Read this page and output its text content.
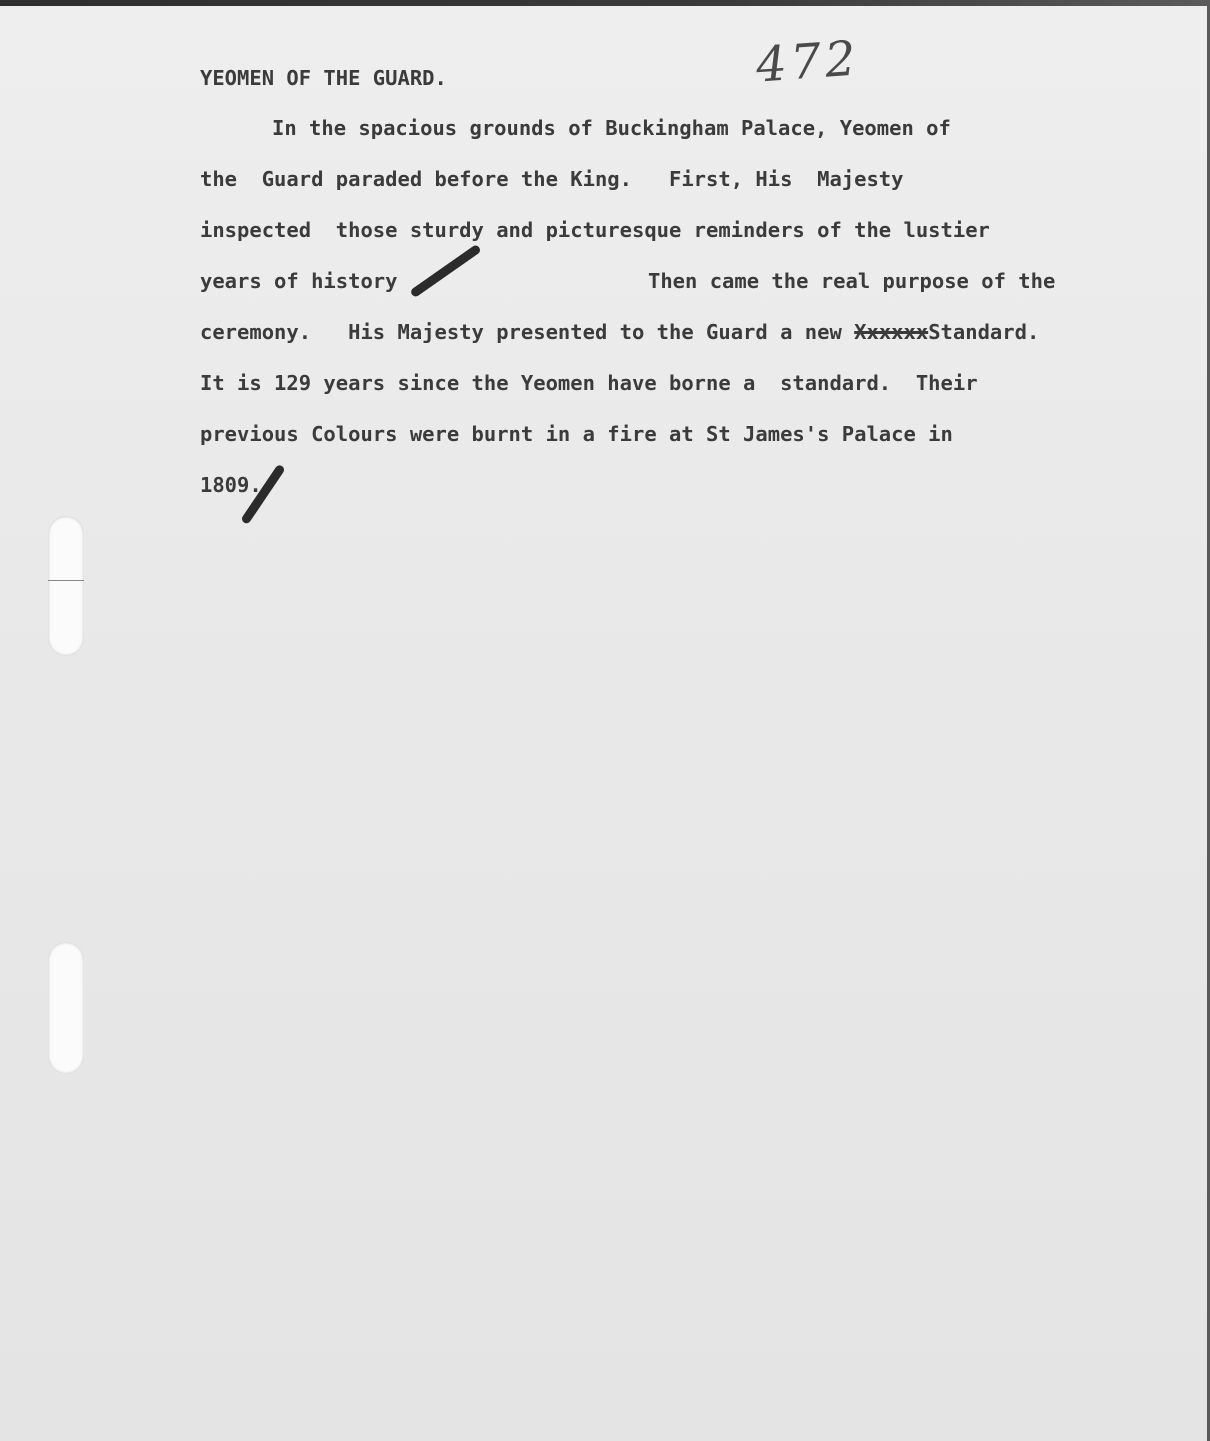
472
YEOMEN OF THE GUARD.
In the spacious grounds of Buckingham Palace, Yeomen of
the  Guard paraded before the King.   First, His  Majesty
inspected  those sturdy and picturesque reminders of the lustier
years of history	Then came the real purpose of the
ceremony.   His Majesty presented to the Guard a new XxxxxxStandard.
It is 129 years since the Yeomen have borne a  standard.  Their
previous Colours were burnt in a fire at St James's Palace in
1809.
